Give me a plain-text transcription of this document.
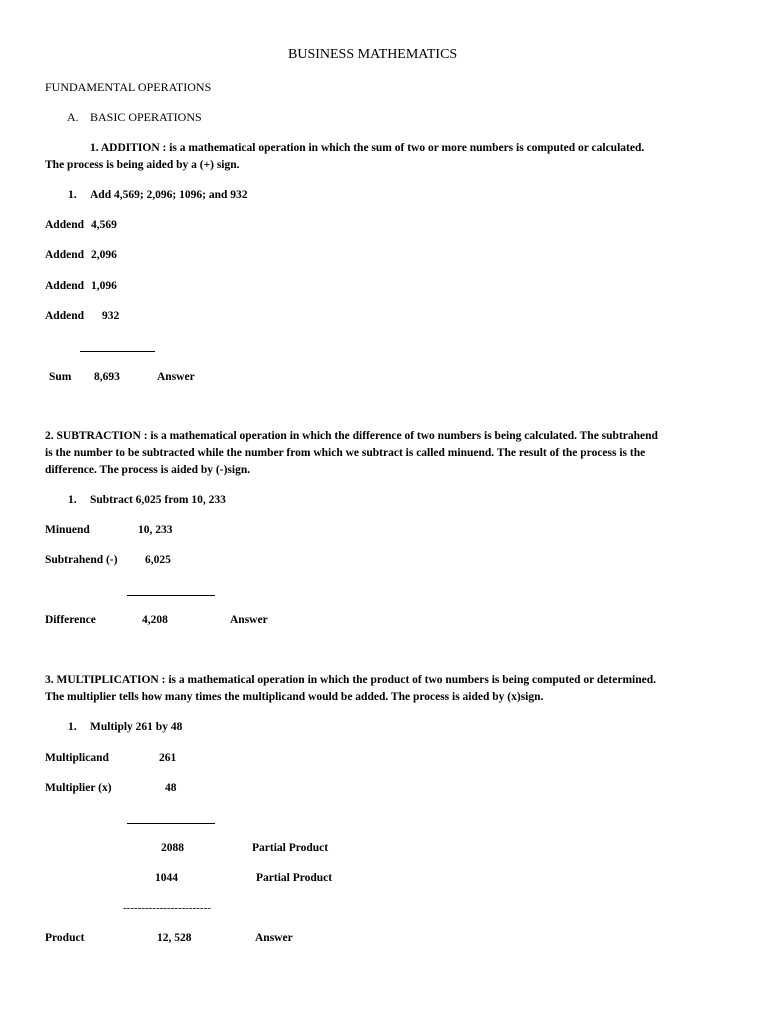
BUSINESS MATHEMATICS
FUNDAMENTAL OPERATIONS
A. BASIC OPERATIONS
1. ADDITION : is a mathematical operation in which the sum of two or more numbers is computed or calculated.
The process is being aided by a (+) sign.
1. Add 4,569; 2,096; 1096; and 932
Addend 4,569
Addend 2,096
Addend 1,096
Addend 932
Sum 8,693	Answer
2. SUBTRACTION : is a mathematical operation in which the difference of two numbers is being calculated. The subtrahend
is the number to be subtracted while the number from which we subtract is called minuend. The result of the process is the
difference. The process is aided by (-)sign.
1. Subtract 6,025 from 10, 233
Minuend	10, 233
Subtrahend (-) 6,025
Difference	4,208	Answer
3. MULTIPLICATION : is a mathematical operation in which the product of two numbers is being computed or determined.
The multiplier tells how many times the multiplicand would be added. The process is aided by (x)sign.
1. Multiply 261 by 48
Multiplicand	261
Multiplier (x)	48
2088	Partial Product
1044	Partial Product
------------------------
Product	12, 528	Answer
